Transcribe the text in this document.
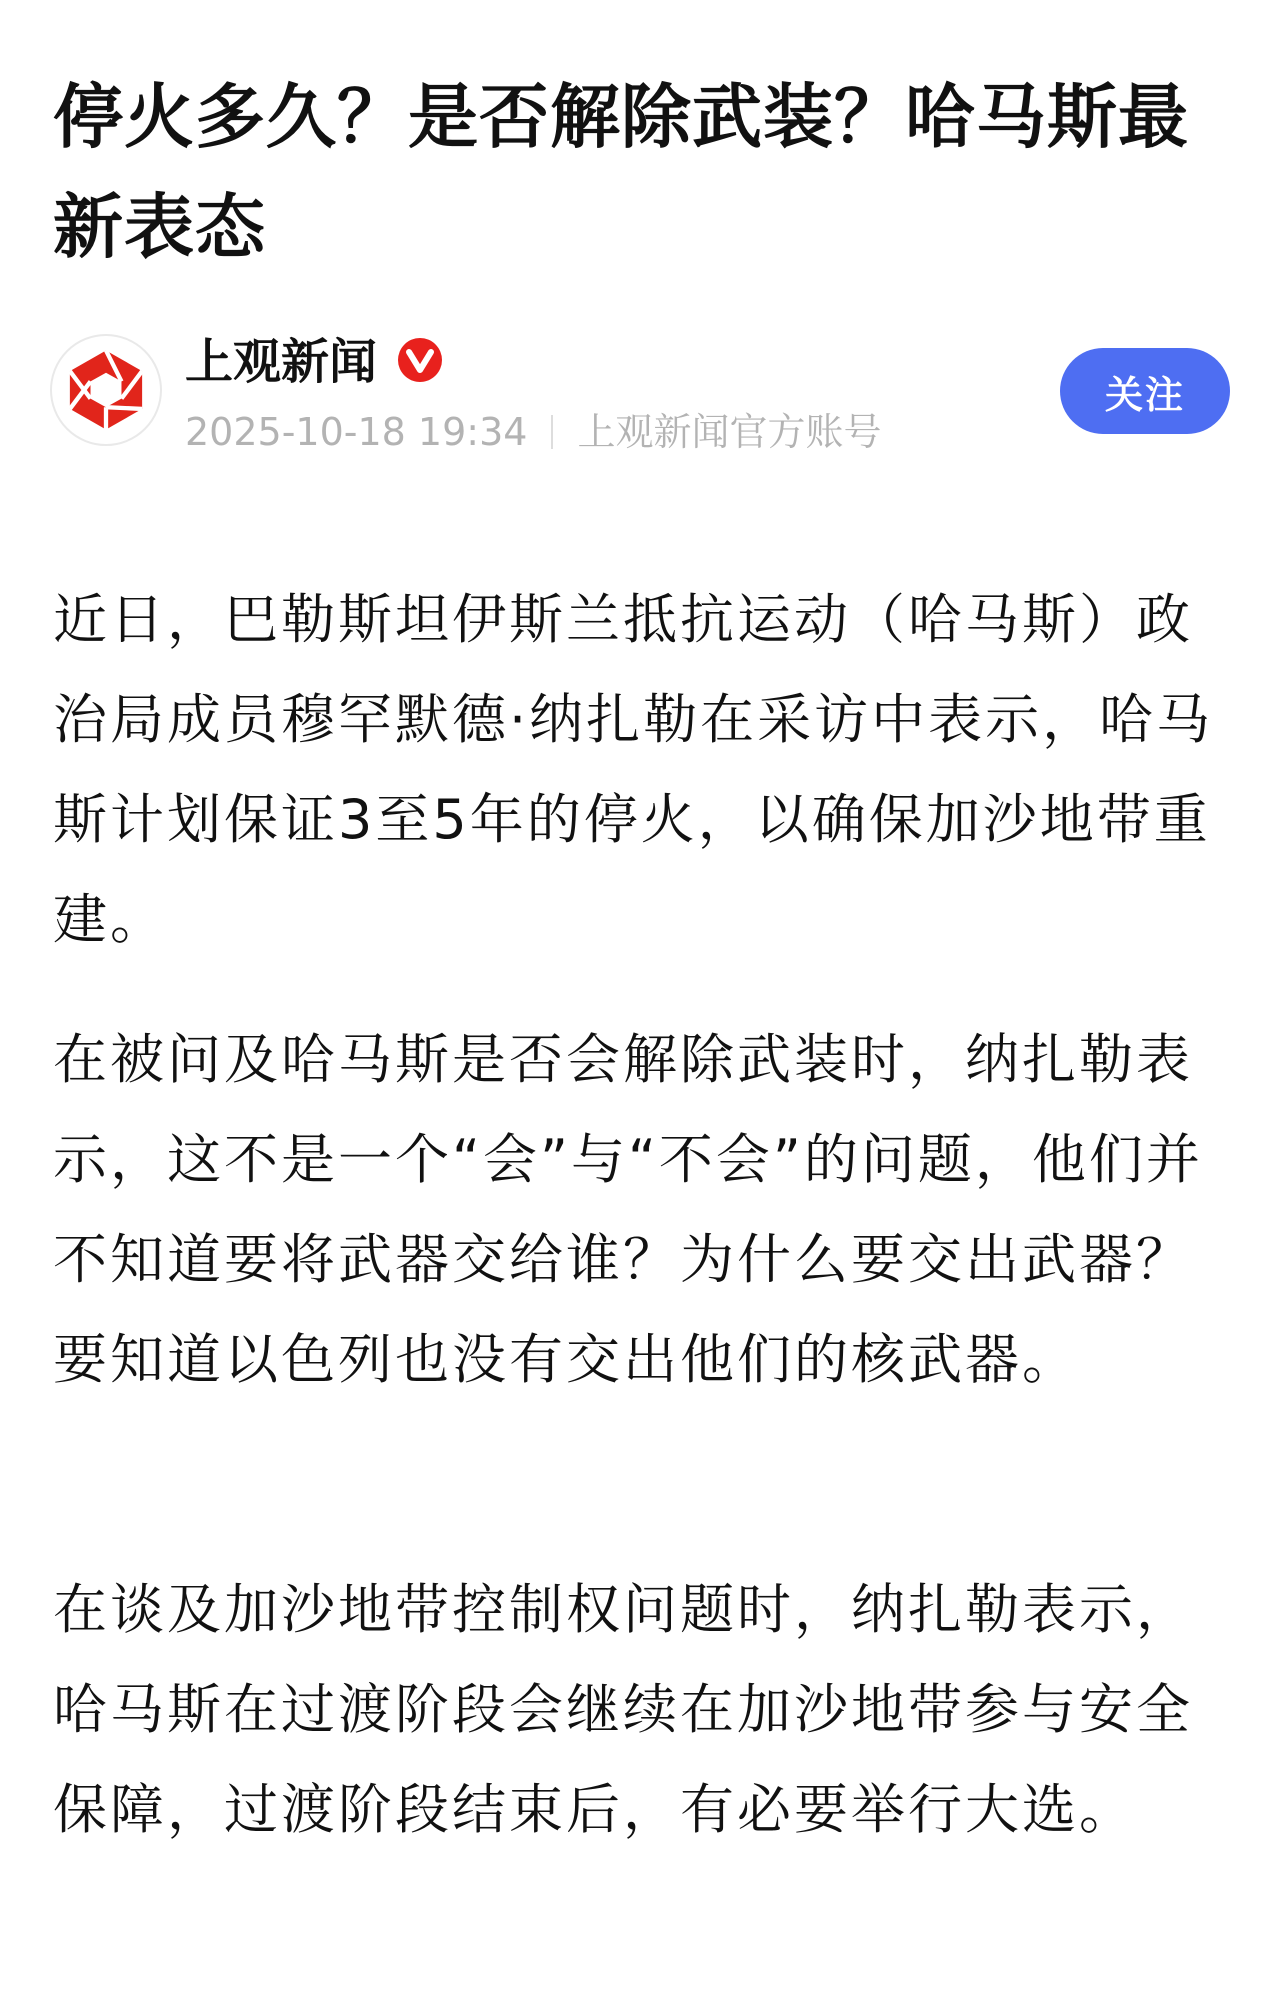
停火多久？是否解除武装？哈马斯最新表态
上观新闻
2025-10-18 19:34 上观新闻官方账号
关注

近日，巴勒斯坦伊斯兰抵抗运动（哈马斯）政治局成员穆罕默德·纳扎勒在采访中表示，哈马斯计划保证3至5年的停火，以确保加沙地带重建。

在被问及哈马斯是否会解除武装时，纳扎勒表示，这不是一个“会”与“不会”的问题，他们并不知道要将武器交给谁？为什么要交出武器？要知道以色列也没有交出他们的核武器。

在谈及加沙地带控制权问题时，纳扎勒表示，哈马斯在过渡阶段会继续在加沙地带参与安全保障，过渡阶段结束后，有必要举行大选。
